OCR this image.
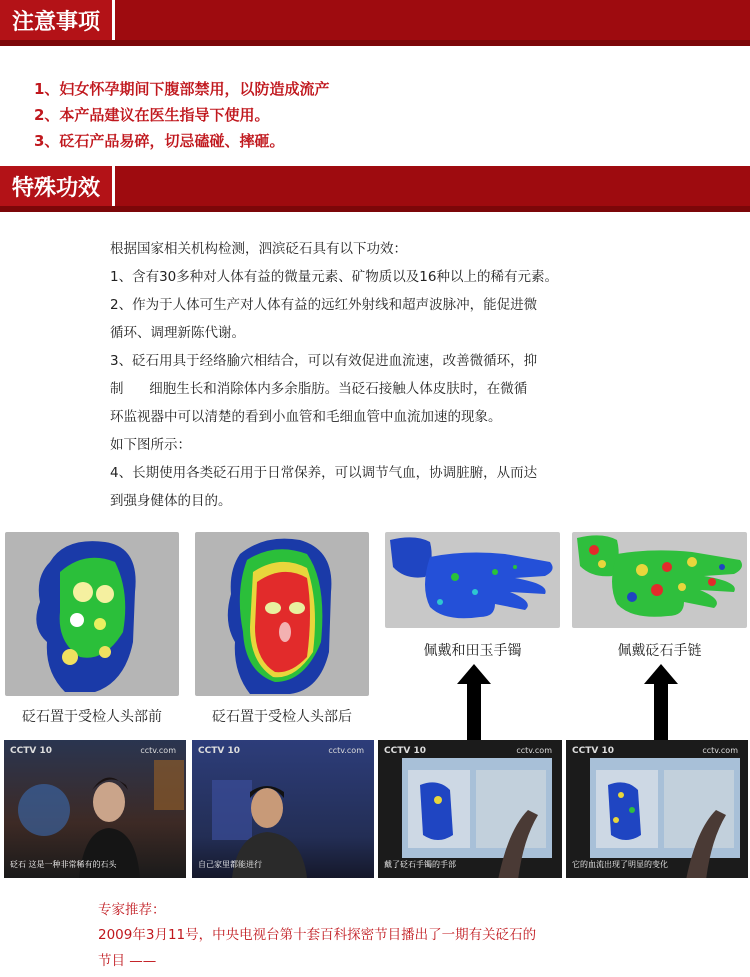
注意事项
1、妇女怀孕期间下腹部禁用，以防造成流产
2、本产品建议在医生指导下使用。
3、砭石产品易碎，切忌磕碰、摔砸。
特殊功效
根据国家相关机构检测，泗滨砭石具有以下功效：
1、含有30多种对人体有益的微量元素、矿物质以及16种以上的稀有元素。
2、作为于人体可生产对人体有益的远红外射线和超声波脉冲，能促进微
循环、调理新陈代谢。
3、砭石用具于经络腧穴相结合，可以有效促进血流速，改善微循环，抑
制      细胞生长和消除体内多余脂肪。当砭石接触人体皮肤时，在微循
环监视器中可以清楚的看到小血管和毛细血管中血流加速的现象。
如下图所示：
4、长期使用各类砭石用于日常保养，可以调节气血，协调脏腑，从而达
到强身健体的目的。
砭石置于受检人头部前	砭石置于受检人头部后
佩戴和田玉手镯	佩戴砭石手链
CCTV 10	cctv.com
砭石 这是一种非常稀有的石头
CCTV 10	cctv.com
自己家里都能进行
CCTV 10	cctv.com
戴了砭石手镯的手部
CCTV 10	cctv.com
它的血流出现了明显的变化
专家推荐：
2009年3月11号，中央电视台第十套百科探密节目播出了一期有关砭石的
节目 ——
